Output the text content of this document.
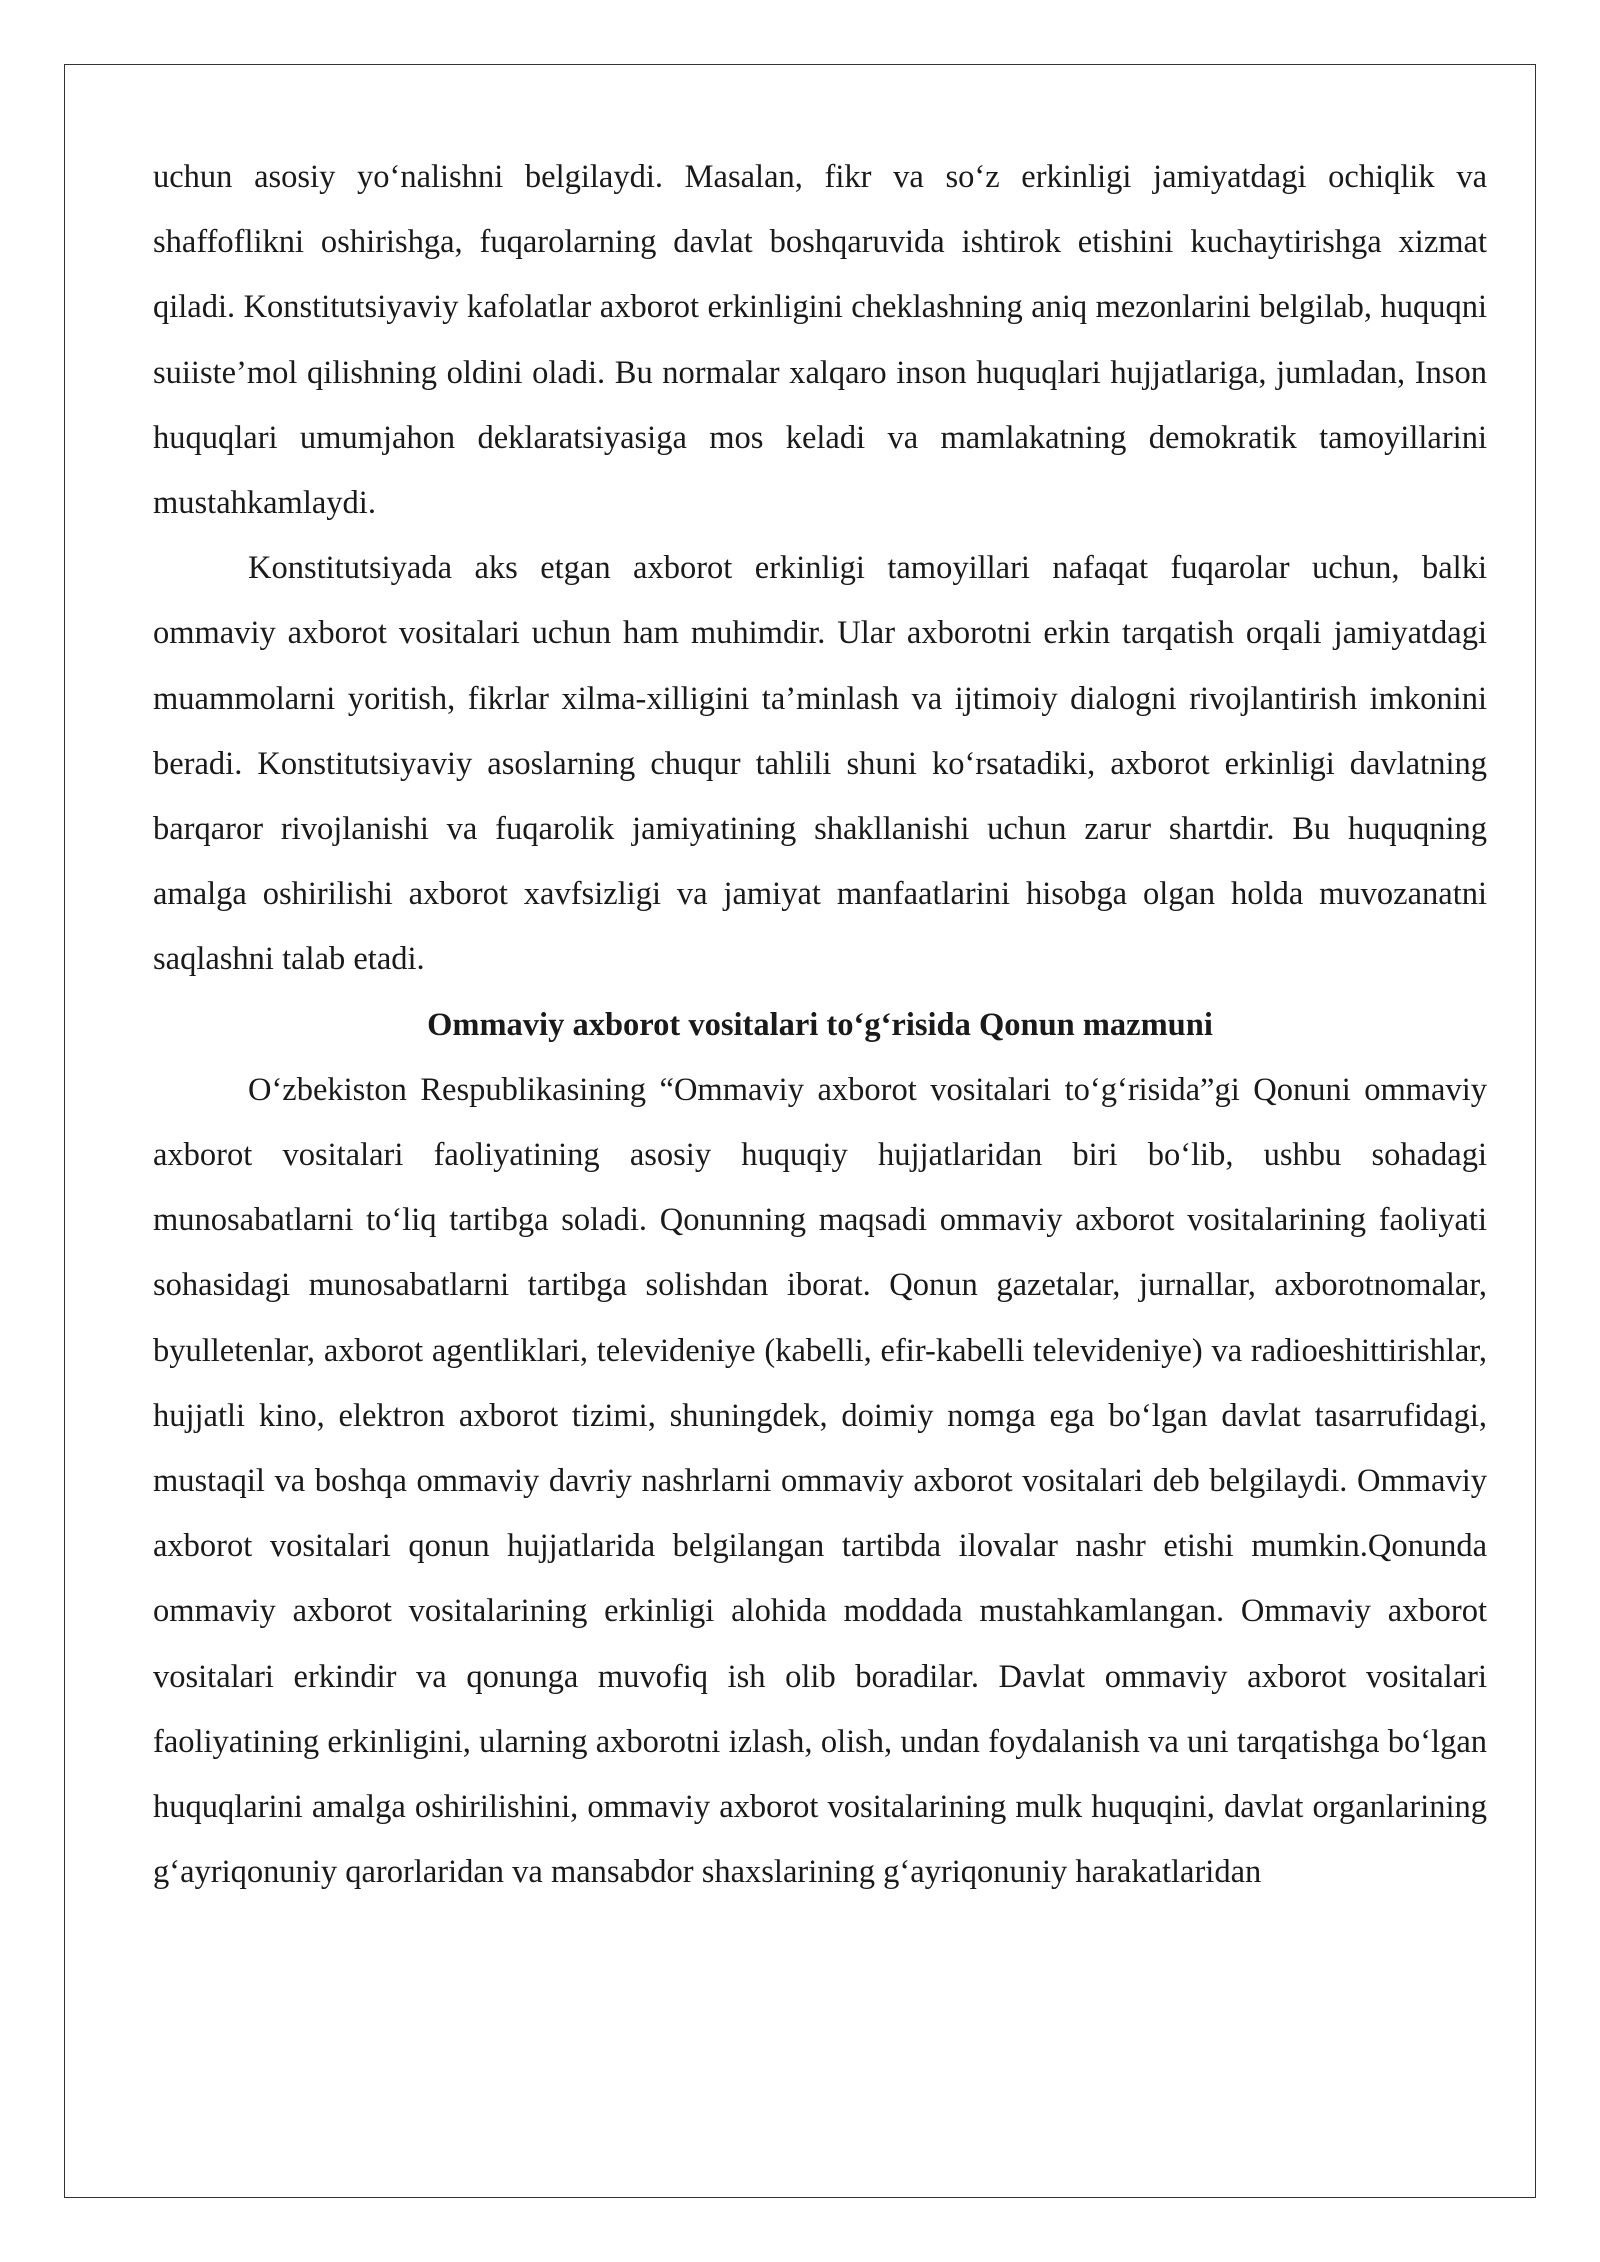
uchun asosiy yo‘nalishni belgilaydi. Masalan, fikr va so‘z erkinligi jamiyatdagi ochiqlik va shaffoflikni oshirishga, fuqarolarning davlat boshqaruvida ishtirok etishini kuchaytirishga xizmat qiladi. Konstitutsiyaviy kafolatlar axborot erkinligini cheklashning aniq mezonlarini belgilab, huquqni suiiste’mol qilishning oldini oladi. Bu normalar xalqaro inson huquqlari hujjatlariga, jumladan, Inson huquqlari umumjahon deklaratsiyasiga mos keladi va mamlakatning demokratik tamoyillarini mustahkamlaydi.

Konstitutsiyada aks etgan axborot erkinligi tamoyillari nafaqat fuqarolar uchun, balki ommaviy axborot vositalari uchun ham muhimdir. Ular axborotni erkin tarqatish orqali jamiyatdagi muammolarni yoritish, fikrlar xilma-xilligini ta’minlash va ijtimoiy dialogni rivojlantirish imkonini beradi. Konstitutsiyaviy asoslarning chuqur tahlili shuni ko‘rsatadiki, axborot erkinligi davlatning barqaror rivojlanishi va fuqarolik jamiyatining shakllanishi uchun zarur shartdir. Bu huquqning amalga oshirilishi axborot xavfsizligi va jamiyat manfaatlarini hisobga olgan holda muvozanatni saqlashni talab etadi.

Ommaviy axborot vositalari to‘g‘risida Qonun mazmuni

O‘zbekiston Respublikasining “Ommaviy axborot vositalari to‘g‘risida”gi Qonuni ommaviy axborot vositalari faoliyatining asosiy huquqiy hujjatlaridan biri bo‘lib, ushbu sohadagi munosabatlarni to‘liq tartibga soladi. Qonunning maqsadi ommaviy axborot vositalarining faoliyati sohasidagi munosabatlarni tartibga solishdan iborat. Qonun gazetalar, jurnallar, axborotnomalar, byulletenlar, axborot agentliklari, televideniye (kabelli, efir-kabelli televideniye) va radioeshittirishlar, hujjatli kino, elektron axborot tizimi, shuningdek, doimiy nomga ega bo‘lgan davlat tasarrufidagi, mustaqil va boshqa ommaviy davriy nashrlarni ommaviy axborot vositalari deb belgilaydi. Ommaviy axborot vositalari qonun hujjatlarida belgilangan tartibda ilovalar nashr etishi mumkin.Qonunda ommaviy axborot vositalarining erkinligi alohida moddada mustahkamlangan. Ommaviy axborot vositalari erkindir va qonunga muvofiq ish olib boradilar. Davlat ommaviy axborot vositalari faoliyatining erkinligini, ularning axborotni izlash, olish, undan foydalanish va uni tarqatishga bo‘lgan huquqlarini amalga oshirilishini, ommaviy axborot vositalarining mulk huquqini, davlat organlarining g‘ayriqonuniy qarorlaridan va mansabdor shaxslarining g‘ayriqonuniy harakatlaridan
